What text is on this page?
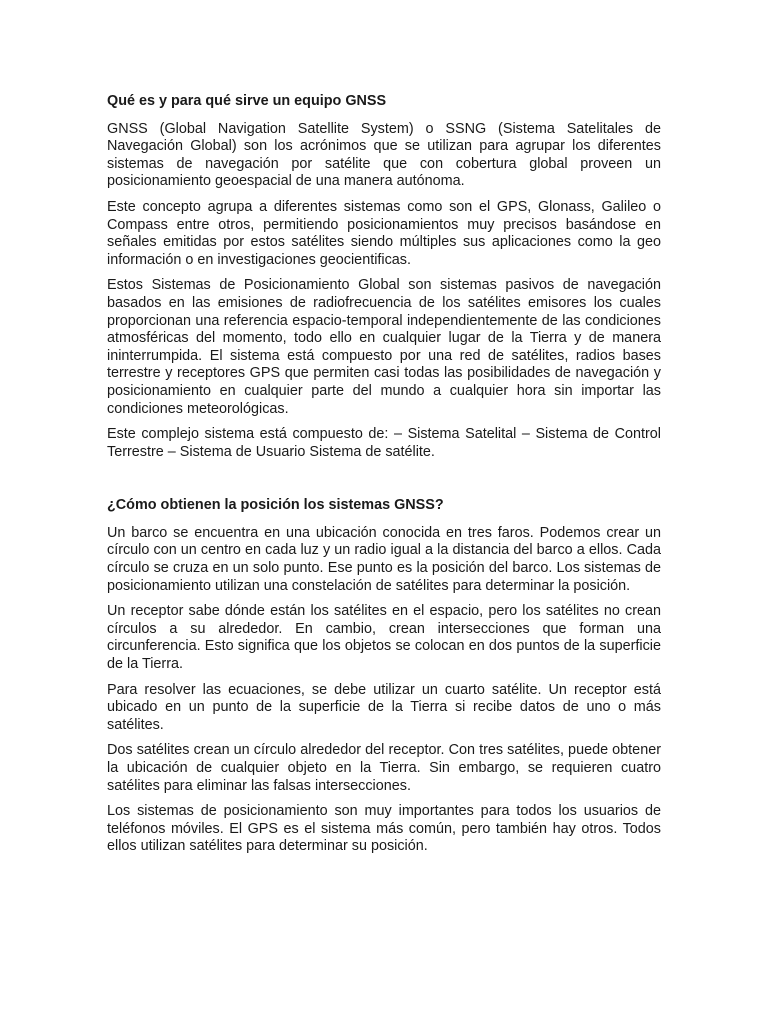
Qué es y para qué sirve un equipo GNSS

GNSS (Global Navigation Satellite System) o SSNG (Sistema Satelitales de Navegación Global) son los acrónimos que se utilizan para agrupar los diferentes sistemas de navegación por satélite que con cobertura global proveen un posicionamiento geoespacial de una manera autónoma.

Este concepto agrupa a diferentes sistemas como son el GPS, Glonass, Galileo o Compass entre otros, permitiendo posicionamientos muy precisos basándose en señales emitidas por estos satélites siendo múltiples sus aplicaciones como la geo información o en investigaciones geocientificas.

Estos Sistemas de Posicionamiento Global son sistemas pasivos de navegación basados en las emisiones de radiofrecuencia de los satélites emisores los cuales proporcionan una referencia espacio-temporal independientemente de las condiciones atmosféricas del momento, todo ello en cualquier lugar de la Tierra y de manera ininterrumpida. El sistema está compuesto por una red de satélites, radios bases terrestre y receptores GPS que permiten casi todas las posibilidades de navegación y posicionamiento en cualquier parte del mundo a cualquier hora sin importar las condiciones meteorológicas.

Este complejo sistema está compuesto de: – Sistema Satelital – Sistema de Control Terrestre – Sistema de Usuario Sistema de satélite.

¿Cómo obtienen la posición los sistemas GNSS?

Un barco se encuentra en una ubicación conocida en tres faros. Podemos crear un círculo con un centro en cada luz y un radio igual a la distancia del barco a ellos. Cada círculo se cruza en un solo punto. Ese punto es la posición del barco. Los sistemas de posicionamiento utilizan una constelación de satélites para determinar la posición.

Un receptor sabe dónde están los satélites en el espacio, pero los satélites no crean círculos a su alrededor. En cambio, crean intersecciones que forman una circunferencia. Esto significa que los objetos se colocan en dos puntos de la superficie de la Tierra.

Para resolver las ecuaciones, se debe utilizar un cuarto satélite. Un receptor está ubicado en un punto de la superficie de la Tierra si recibe datos de uno o más satélites.

Dos satélites crean un círculo alrededor del receptor. Con tres satélites, puede obtener la ubicación de cualquier objeto en la Tierra. Sin embargo, se requieren cuatro satélites para eliminar las falsas intersecciones.

Los sistemas de posicionamiento son muy importantes para todos los usuarios de teléfonos móviles. El GPS es el sistema más común, pero también hay otros. Todos ellos utilizan satélites para determinar su posición.
